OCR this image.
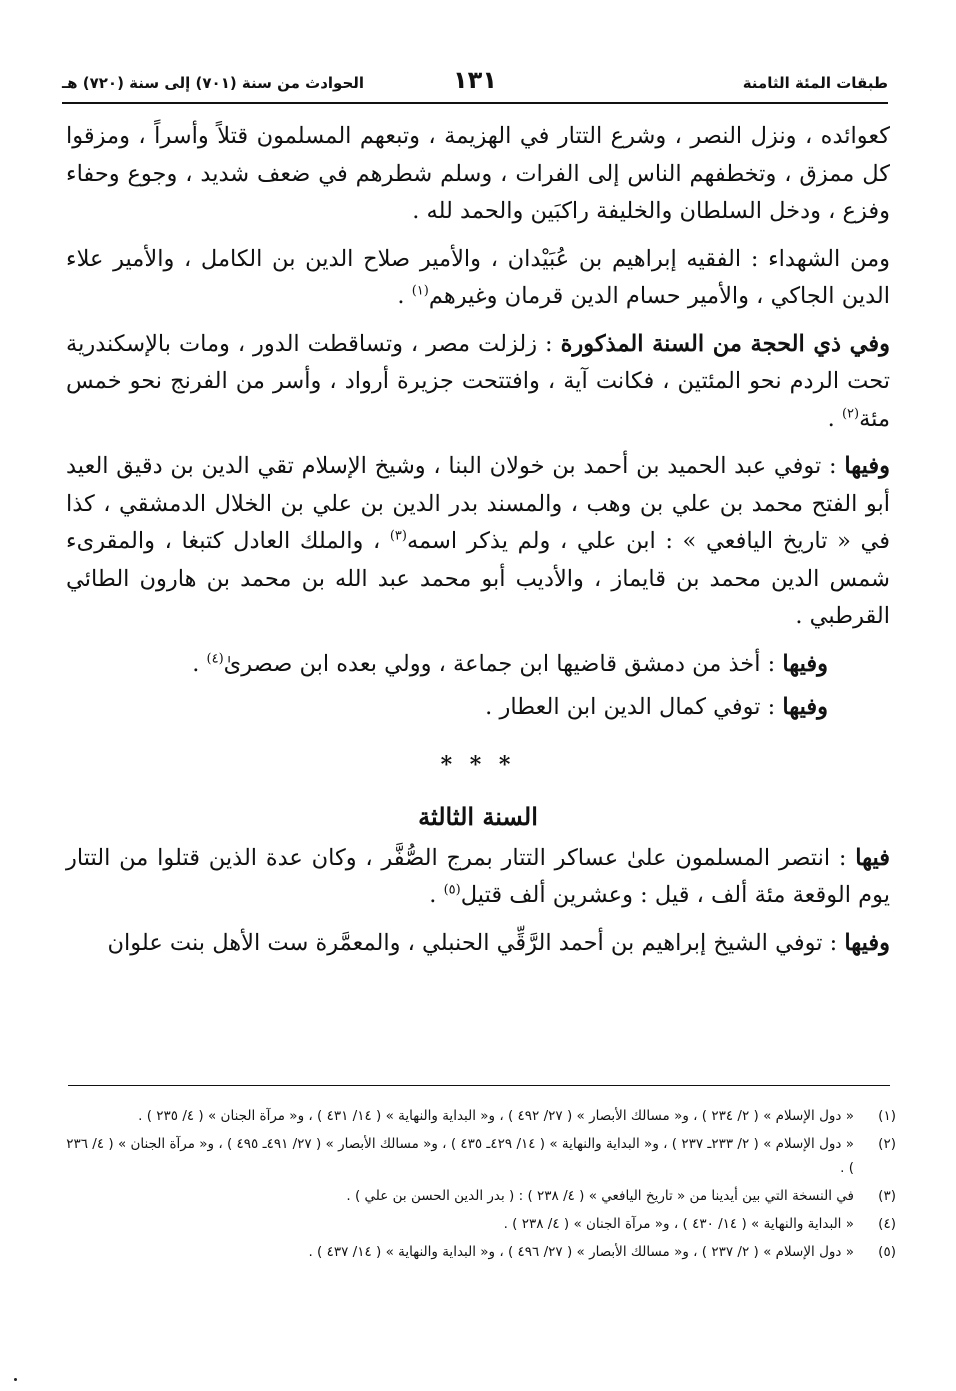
طبقات المئة الثامنة
١٣١
الحوادث من سنة (٧٠١) إلى سنة (٧٢٠) هـ

كعوائده ، ونزل النصر ، وشرع التتار في الهزيمة ، وتبعهم المسلمون قتلاً وأسراً ، ومزقوا كل ممزق ، وتخطفهم الناس إلى الفرات ، وسلم شطرهم في ضعف شديد ، وجوع وحفاء وفزع ، ودخل السلطان والخليفة راكبَين والحمد لله .

ومن الشهداء : الفقيه إبراهيم بن عُبَيْدان ، والأمير صلاح الدين بن الكامل ، والأمير علاء الدين الجاكي ، والأمير حسام الدين قرمان وغيرهم$^{(١)}$ .

وفي ذي الحجة من السنة المذكورة : زلزلت مصر ، وتساقطت الدور ، ومات بالإسكندرية تحت الردم نحو المئتين ، فكانت آية ، وافتتحت جزيرة أرواد ، وأسر من الفرنج نحو خمس مئة$^{(٢)}$ .

وفيها : توفي عبد الحميد بن أحمد بن خولان البنا ، وشيخ الإسلام تقي الدين بن دقيق العيد أبو الفتح محمد بن علي بن وهب ، والمسند بدر الدين بن علي بن الخلال الدمشقي ، كذا في « تاريخ اليافعي » : ابن علي ، ولم يذكر اسمه$^{(٣)}$ ، والملك العادل كتبغا ، والمقرىء شمس الدين محمد بن قايماز ، والأديب أبو محمد عبد الله بن محمد بن هارون الطائي القرطبي .

وفيها : أخذ من دمشق قاضيها ابن جماعة ، وولي بعده ابن صصرىٰ$^{(٤)}$ .

وفيها : توفي كمال الدين ابن العطار .

* * *
السنة الثالثة

فيها : انتصر المسلمون علىٰ عساكر التتار بمرج الصُّفَّر ، وكان عدة الذين قتلوا من التتار يوم الوقعة مئة ألف ، قيل : وعشرين ألف قتيل$^{(٥)}$ .

وفيها : توفي الشيخ إبراهيم بن أحمد الرَّقِّي الحنبلي ، والمعمَّرة ست الأهل بنت علوان

(١)
« دول الإسلام » ( ٢/ ٢٣٤ ) ، و« مسالك الأبصار » ( ٢٧/ ٤٩٢ ) ، و« البداية والنهاية » ( ١٤/ ٤٣١ ) ، و« مرآة الجنان » ( ٤/ ٢٣٥ ) .
(٢)
« دول الإسلام » ( ٢/ ٢٣٣ـ ٢٣٧ ) ، و« البداية والنهاية » ( ١٤/ ٤٢٩ـ ٤٣٥ ) ، و« مسالك الأبصار » ( ٢٧/ ٤٩١ـ ٤٩٥ ) ، و« مرآة الجنان » ( ٤/ ٢٣٦ ) .
(٣)
في النسخة التي بين أيدينا من « تاريخ اليافعي » ( ٤/ ٢٣٨ ) : ( بدر الدين الحسن بن علي ) .
(٤)
« البداية والنهاية » ( ١٤/ ٤٣٠ ) ، و« مرآة الجنان » ( ٤/ ٢٣٨ ) .
(٥)
« دول الإسلام » ( ٢/ ٢٣٧ ) ، و« مسالك الأبصار » ( ٢٧/ ٤٩٦ ) ، و« البداية والنهاية » ( ١٤/ ٤٣٧ ) .
